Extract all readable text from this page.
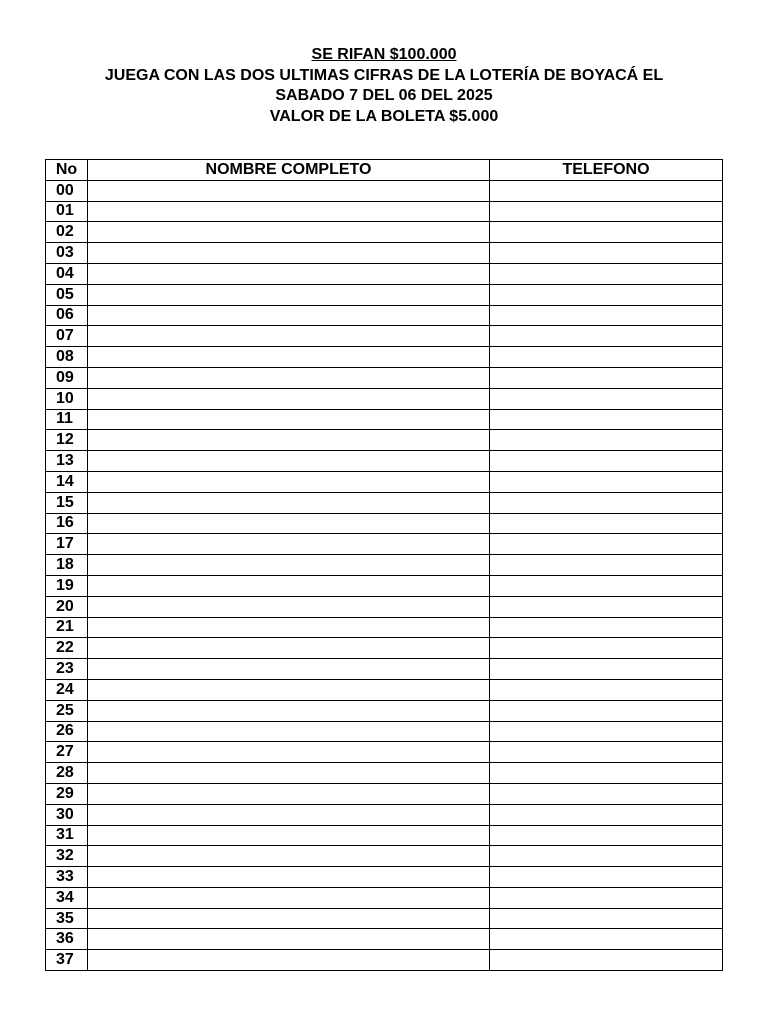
SE RIFAN $100.000
JUEGA CON LAS DOS ULTIMAS CIFRAS DE LA LOTERÍA DE BOYACÁ EL
SABADO 7 DEL 06 DEL 2025
VALOR DE LA BOLETA $5.000
No	NOMBRE COMPLETO	TELEFONO
00		
01		
02		
03		
04		
05		
06		
07		
08		
09		
10		
11		
12		
13		
14		
15		
16		
17		
18		
19		
20		
21		
22		
23		
24		
25		
26		
27		
28		
29		
30		
31		
32		
33		
34		
35		
36		
37		
